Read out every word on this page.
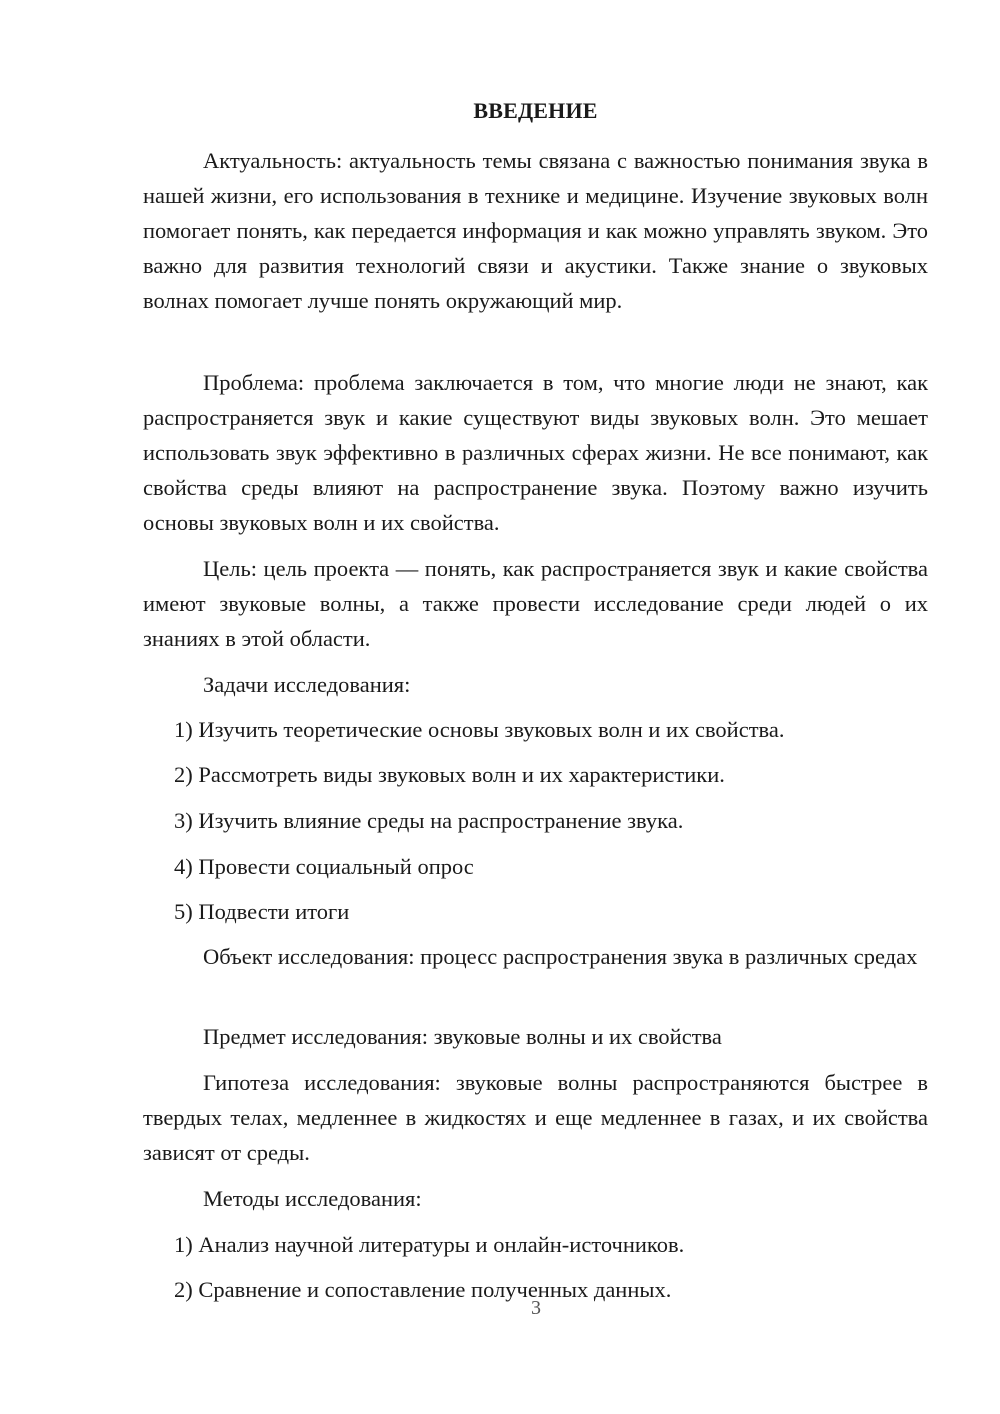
ВВЕДЕНИЕ
Актуальность: актуальность темы связана с важностью понимания звука в нашей жизни, его использования в технике и медицине. Изучение звуковых волн помогает понять, как передается информация и как можно управлять звуком. Это важно для развития технологий связи и акустики. Также знание о звуковых волнах помогает лучше понять окружающий мир.
Проблема: проблема заключается в том, что многие люди не знают, как распространяется звук и какие существуют виды звуковых волн. Это мешает использовать звук эффективно в различных сферах жизни. Не все понимают, как свойства среды влияют на распространение звука. Поэтому важно изучить основы звуковых волн и их свойства.
Цель: цель проекта — понять, как распространяется звук и какие свойства имеют звуковые волны, а также провести исследование среди людей о их знаниях в этой области.
Задачи исследования:
1) Изучить теоретические основы звуковых волн и их свойства.
2) Рассмотреть виды звуковых волн и их характеристики.
3) Изучить влияние среды на распространение звука.
4) Провести социальный опрос
5) Подвести итоги
Объект исследования: процесс распространения звука в различных средах
Предмет исследования: звуковые волны и их свойства
Гипотеза исследования: звуковые волны распространяются быстрее в твердых телах, медленнее в жидкостях и еще медленнее в газах, и их свойства зависят от среды.
Методы исследования:
1) Анализ научной литературы и онлайн-источников.
2) Сравнение и сопоставление полученных данных.
3
